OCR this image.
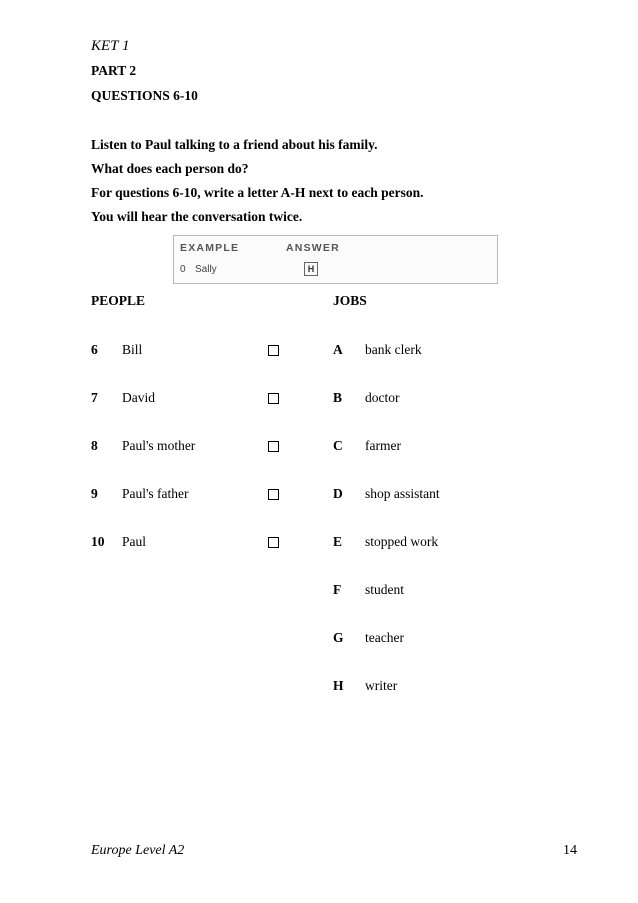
KET 1
PART 2
QUESTIONS 6-10
Listen to Paul talking to a friend about his family.
What does each person do?
For questions 6-10, write a letter A-H next to each person.
You will hear the conversation twice.
EXAMPLE	ANSWER
0 Sally	H
PEOPLE	JOBS
6 Bill
7 David
8 Paul's mother
9 Paul's father
10 Paul
A bank clerk
B doctor
C farmer
D shop assistant
E stopped work
F student
G teacher
H writer
Europe Level A2	14
